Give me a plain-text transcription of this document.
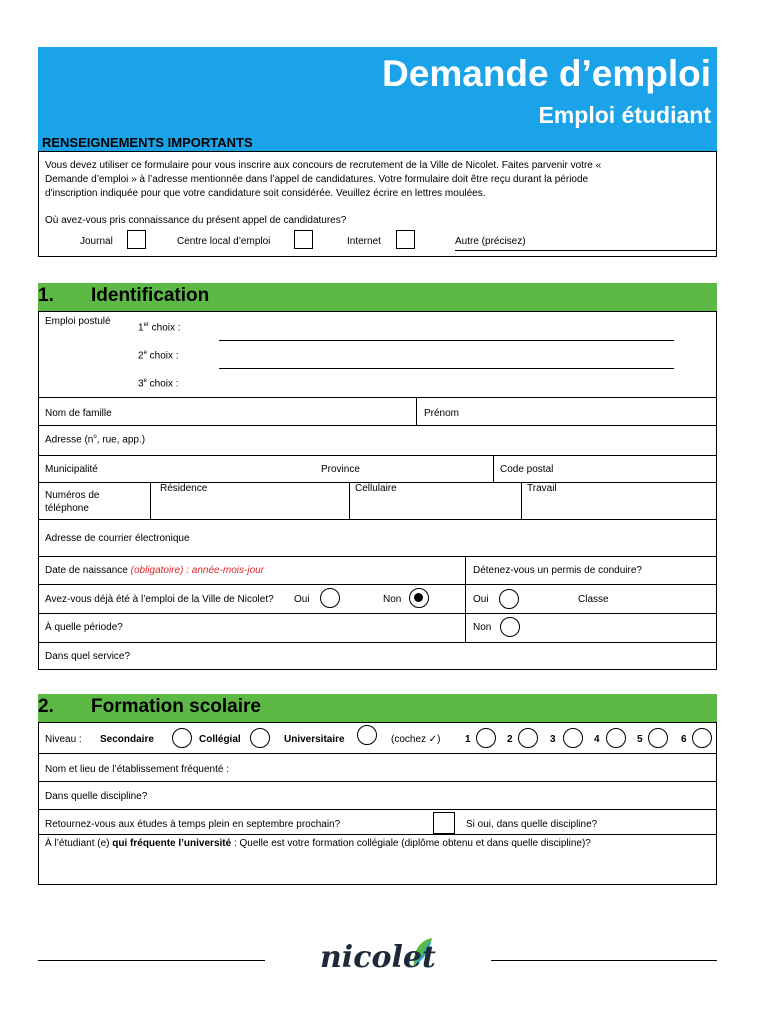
Demande d’emploi
Emploi étudiant
RENSEIGNEMENTS IMPORTANTS
Vous devez utiliser ce formulaire pour vous inscrire aux concours de recrutement de la Ville de Nicolet. Faites parvenir votre «
Demande d’emploi » à l’adresse mentionnée dans l’appel de candidatures. Votre formulaire doit être reçu durant la période
d'inscription indiquée pour que votre candidature soit considérée. Veuillez écrire en lettres moulées.
Où avez-vous pris connaissance du présent appel de candidatures?
Journal	Centre local d’emploi	Internet	Autre (précisez)
1. Identification
Emploi postulé
1er choix :
2e choix :
3e choix :
Nom de famille	Prénom
Adresse ($n^o$, rue, app.)
Municipalité	Province	Code postal
Numéros de téléphone
Résidence	Cellulaire	Travail
Adresse de courrier électronique
Date de naissance (obligatoire) : année-mois-jour	Détenez-vous un permis de conduire?
Avez-vous déjà été à l’emploi de la Ville de Nicolet? Oui	Non	Oui	Classe
À quelle période?	Non
Dans quel service?
2. Formation scolaire
Niveau : Secondaire	Collégial	Universitaire	(cochez ✓) 1	2	3	4	5	6
Nom et lieu de l’établissement fréquenté :
Dans quelle discipline?
Retournez-vous aux études à temps plein en septembre prochain?	Si oui, dans quelle discipline?
À l’étudiant (e) qui fréquente l’université : Quelle est votre formation collégiale (diplôme obtenu et dans quelle discipline)?
nicolet
